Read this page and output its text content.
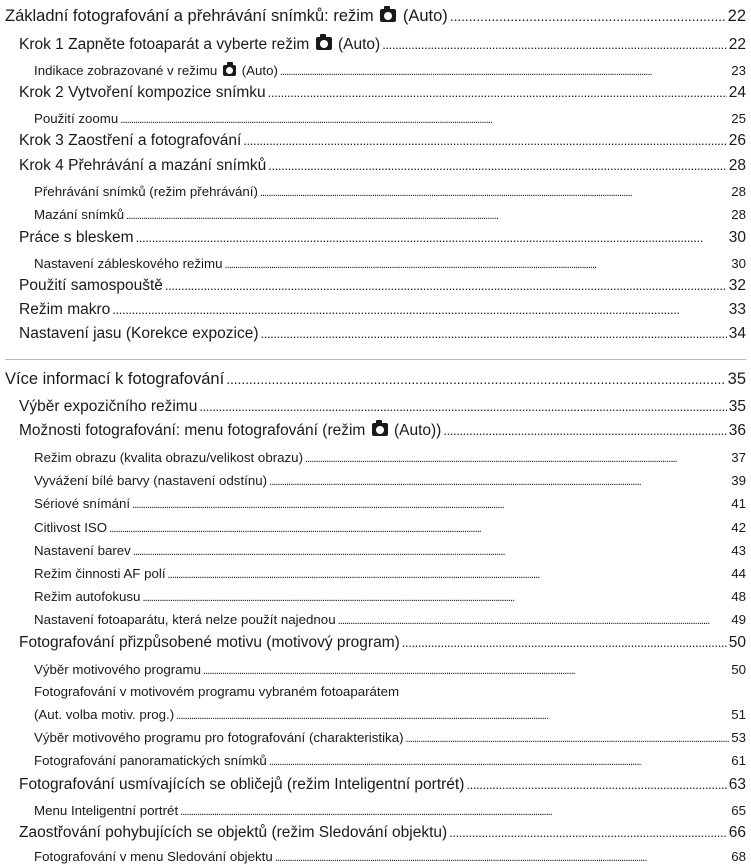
Základní fotografování a přehrávání snímků: režim (Auto) . . .	22
Krok 1 Zapněte fotoaparát a vyberte režim (Auto) . . .	22
Indikace zobrazované v režimu (Auto) . . .	23
Krok 2 Vytvoření kompozice snímku . . .	24
Použití zoomu . . .	25
Krok 3 Zaostření a fotografování . . .	26
Krok 4 Přehrávání a mazání snímků . . .	28
Přehrávání snímků (režim přehrávání) . . .	28
Mazání snímků . . .	28
Práce s bleskem . . .	30
Nastavení zábleskového režimu . . .	30
Použití samospouště . . .	32
Režim makro . . .	33
Nastavení jasu (Korekce expozice) . . .	34
Více informací k fotografování . . .	35
Výběr expozičního režimu . . .	35
Možnosti fotografování: menu fotografování (režim (Auto)) . . .	36
Režim obrazu (kvalita obrazu/velikost obrazu) . . .	37
Vyvážení bílé barvy (nastavení odstínu) . . .	39
Sériové snímání . . .	41
Citlivost ISO . . .	42
Nastavení barev . . .	43
Režim činnosti AF polí . . .	44
Režim autofokusu . . .	48
Nastavení fotoaparátu, která nelze použít najednou . . .	49
Fotografování přizpůsobené motivu (motivový program) . . .	50
Výběr motivového programu . . .	50
Fotografování v motivovém programu vybraném fotoaparátem
(Aut. volba motiv. prog.) . . .	51
Výběr motivového programu pro fotografování (charakteristika) . . .	53
Fotografování panoramatických snímků . . .	61
Fotografování usmívajících se obličejů (režim Inteligentní portrét) . . .	63
Menu Inteligentní portrét . . .	65
Zaostřování pohybujících se objektů (režim Sledování objektu) . . .	66
Fotografování v menu Sledování objektu . . .	68
